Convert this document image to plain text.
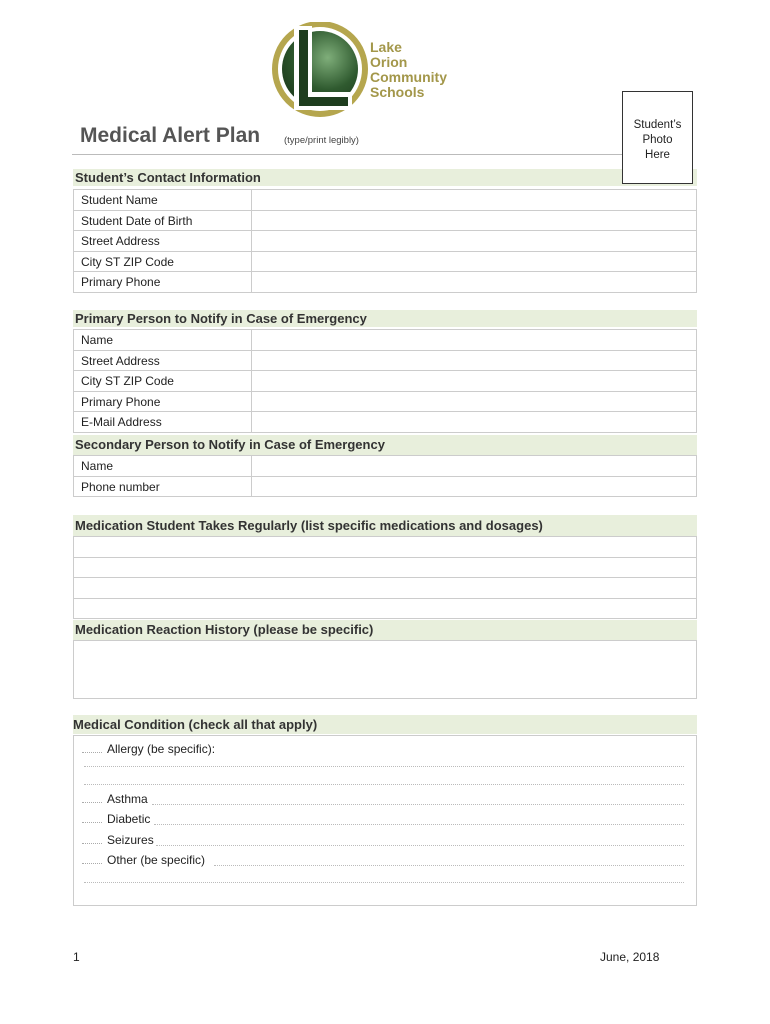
Lake
Orion
Community
Schools
Medical Alert Plan	(type/print legibly)
Student’s
Photo
Here
Student’s Contact Information
Student Name
Student Date of Birth
Street Address
City ST ZIP Code
Primary Phone
Primary Person to Notify in Case of Emergency
Name
Street Address
City ST ZIP Code
Primary Phone
E-Mail Address
Secondary Person to Notify in Case of Emergency
Name
Phone number
Medication Student Takes Regularly (list specific medications and dosages)
Medication Reaction History (please be specific)
Medical Condition (check all that apply)
Allergy (be specific):
Asthma
Diabetic
Seizures
Other (be specific)
1	June, 2018
